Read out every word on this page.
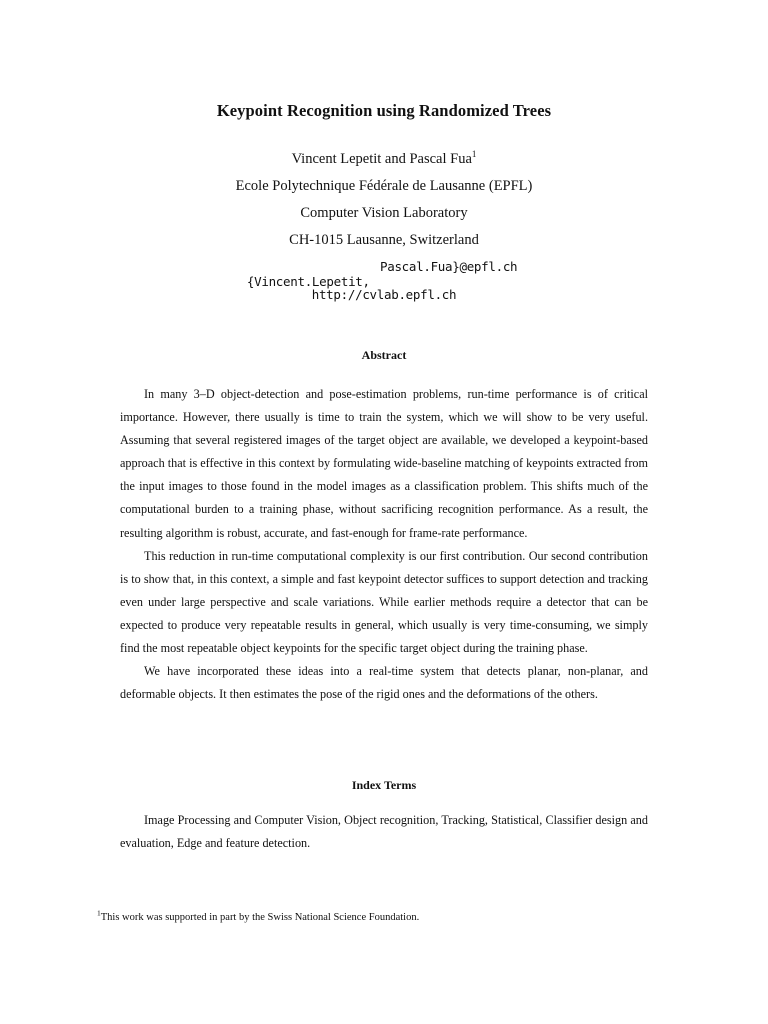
Keypoint Recognition using Randomized Trees
Vincent Lepetit and Pascal Fua$^1$
Ecole Polytechnique Fédérale de Lausanne (EPFL)
Computer Vision Laboratory
CH-1015 Lausanne, Switzerland

{Vincent.Lepetit,
Pascal.Fua}@epfl.ch

http://cvlab.epfl.ch
Abstract

In many 3–D object-detection and pose-estimation problems, run-time performance is of critical importance. However, there usually is time to train the system, which we will show to be very useful. Assuming that several registered images of the target object are available, we developed a keypoint-based approach that is effective in this context by formulating wide-baseline matching of keypoints extracted from the input images to those found in the model images as a classification problem. This shifts much of the computational burden to a training phase, without sacrificing recognition performance. As a result, the resulting algorithm is robust, accurate, and fast-enough for frame-rate performance.

This reduction in run-time computational complexity is our first contribution. Our second contribution is to show that, in this context, a simple and fast keypoint detector suffices to support detection and tracking even under large perspective and scale variations. While earlier methods require a detector that can be expected to produce very repeatable results in general, which usually is very time-consuming, we simply find the most repeatable object keypoints for the specific target object during the training phase.

We have incorporated these ideas into a real-time system that detects planar, non-planar, and deformable objects. It then estimates the pose of the rigid ones and the deformations of the others.

Index Terms

Image Processing and Computer Vision, Object recognition, Tracking, Statistical, Classifier design and evaluation, Edge and feature detection.

$^1$This work was supported in part by the Swiss National Science Foundation.
